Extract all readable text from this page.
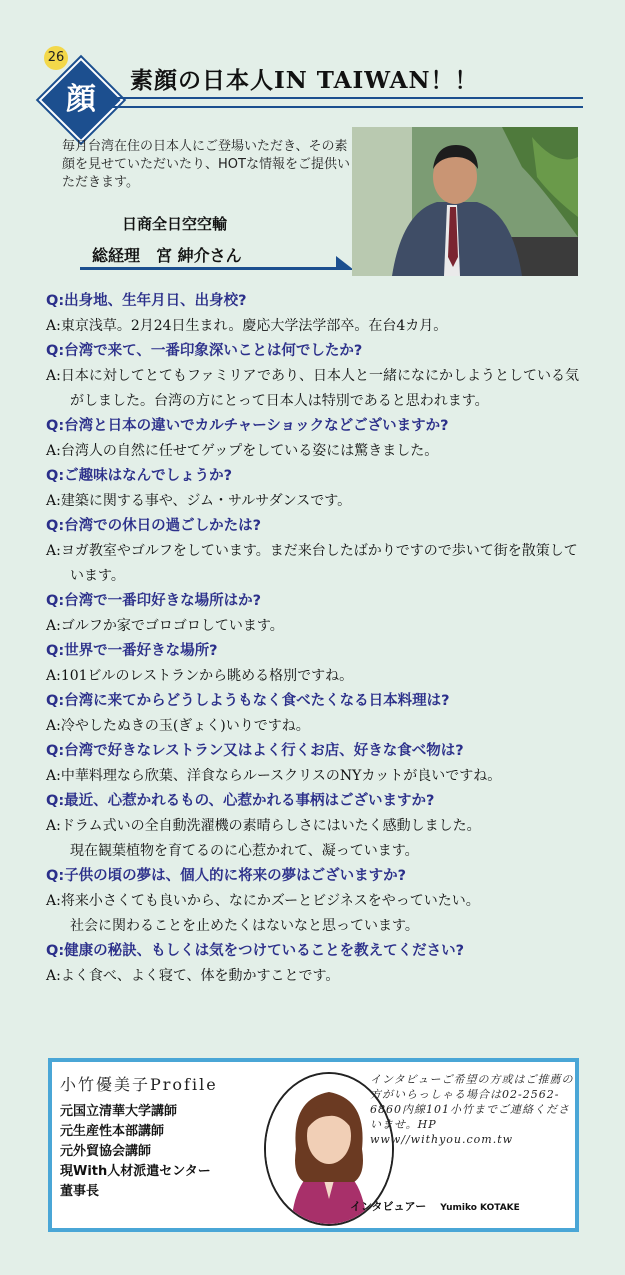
26
顔
素顔の日本人IN TAIWAN！！
毎月台湾在住の日本人にご登場いただき、その素顔を見せていただいたり、HOTな情報をご提供いただきます。
日商全日空空輸
総経理　宮 紳介さん
Q:出身地、生年月日、出身校?
A:東京浅草。2月24日生まれ。慶応大学法学部卒。在台4カ月。
Q:台湾で来て、一番印象深いことは何でしたか?
A:日本に対してとてもファミリアであり、日本人と一緒になにかしようとしている気がしました。台湾の方にとって日本人は特別であると思われます。
Q:台湾と日本の違いでカルチャーショックなどございますか?
A:台湾人の自然に任せてゲップをしている姿には驚きました。
Q:ご趣味はなんでしょうか?
A:建築に関する事や、ジム・サルサダンスです。
Q:台湾での休日の過ごしかたは?
A:ヨガ教室やゴルフをしています。まだ来台したばかりですので歩いて街を散策しています。
Q:台湾で一番印好きな場所はか?
A:ゴルフか家でゴロゴロしています。
Q:世界で一番好きな場所?
A:101ビルのレストランから眺める格別ですね。
Q:台湾に来てからどうしようもなく食べたくなる日本料理は?
A:冷やしたぬきの玉(ぎょく)いりですね。
Q:台湾で好きなレストラン又はよく行くお店、好きな食べ物は?
A:中華料理なら欣葉、洋食ならルースクリスのNYカットが良いですね。
Q:最近、心惹かれるもの、心惹かれる事柄はございますか?
A:ドラム式いの全自動洗濯機の素晴らしさにはいたく感動しました。
現在観葉植物を育てるのに心惹かれて、凝っています。
Q:子供の頃の夢は、個人的に将来の夢はございますか?
A:将来小さくても良いから、なにかズーとビジネスをやっていたい。
社会に関わることを止めたくはないなと思っています。
Q:健康の秘訣、もしくは気をつけていることを教えてください?
A:よく食べ、よく寝て、体を動かすことです。
小竹優美子Profile
元国立清華大学講師
元生産性本部講師
元外貿協会講師
現With人材派遣センター
董事長
インタビューご希望の方或はご推薦の方がいらっしゃる場合は02-2562-6860内線101小竹までご連絡くださいませ。HP www//withyou.com.tw
インタビュアー Yumiko KOTAKE
